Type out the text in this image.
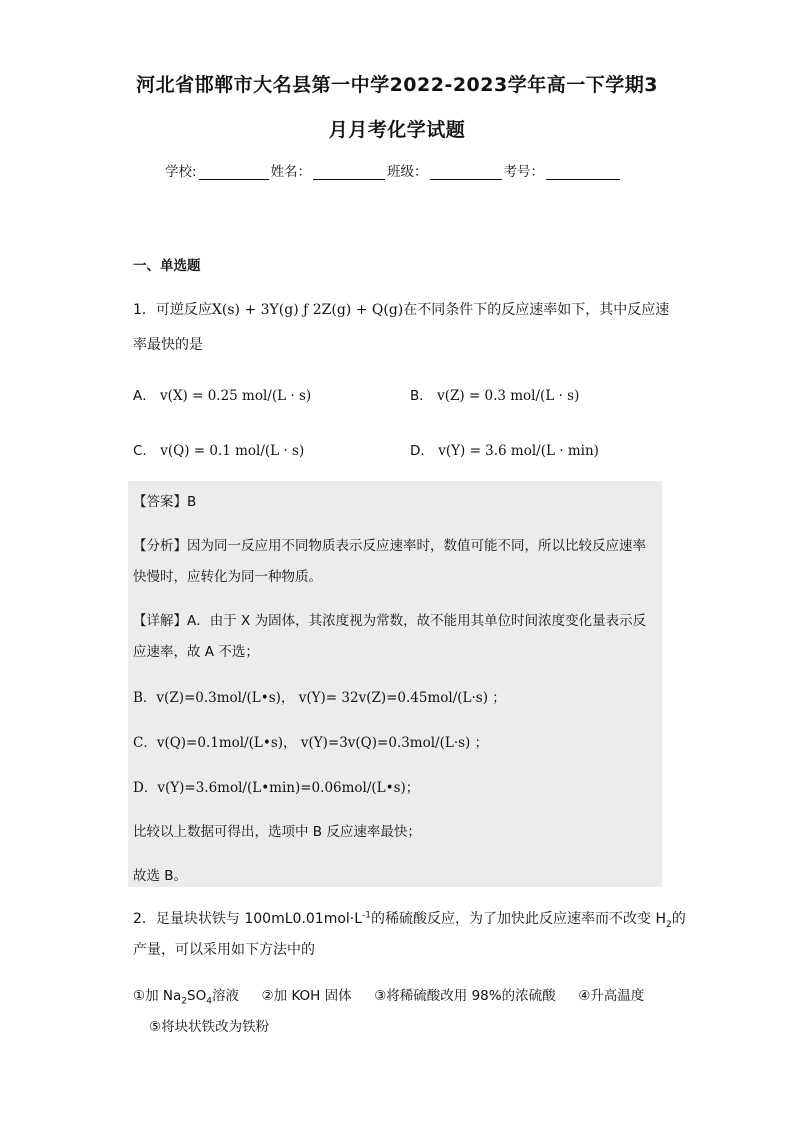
河北省邯郸市大名县第一中学2022-2023学年高一下学期3
月月考化学试题
学校:	姓名：	班级：	考号：
一、单选题
1．可逆反应X(s) + 3Y(g) ƒ 2Z(g) + Q(g)在不同条件下的反应速率如下，其中反应速
率最快的是
A． v(X) = 0.25 mol/(L · s)	B． v(Z) = 0.3 mol/(L · s)
C． v(Q) = 0.1 mol/(L · s)	D． v(Y) = 3.6 mol/(L · min)
【答案】B
【分析】因为同一反应用不同物质表示反应速率时，数值可能不同，所以比较反应速率
快慢时，应转化为同一种物质。
【详解】A．由于 X 为固体，其浓度视为常数，故不能用其单位时间浓度变化量表示反
应速率，故 A 不选；
B．v(Z)=0.3mol/(L•s)， v(Y)= 32v(Z)=0.45mol/(L·s) ；
C．v(Q)=0.1mol/(L•s)， v(Y)=3v(Q)=0.3mol/(L·s) ；
D．v(Y)=3.6mol/(L•min)=0.06mol/(L•s)；
比较以上数据可得出，选项中 B 反应速率最快；
故选 B。
2．足量块状铁与 $100mL0.01mol\cdot L^{-1}$的稀硫酸反应，为了加快此反应速率而不改变 $H_2$的
产量，可以采用如下方法中的
①加 $Na_2SO_4$溶液 ②加 KOH 固体 ③将稀硫酸改用 98%的浓硫酸 ④升高温度
⑤将块状铁改为铁粉
